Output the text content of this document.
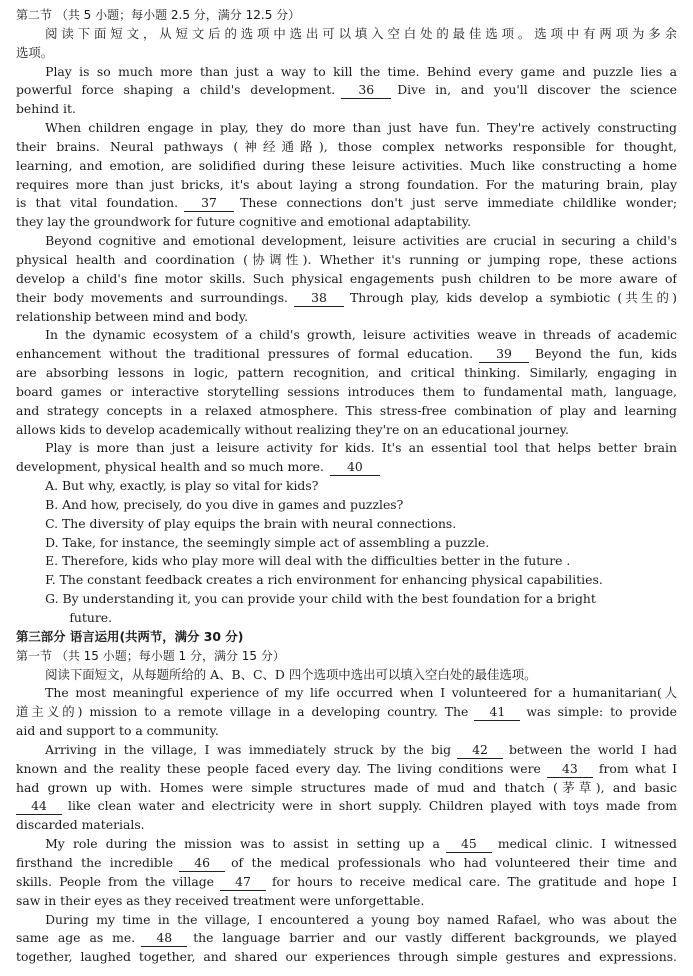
第二节 （共 5 小题；每小题 2.5 分，满分 12.5 分）
阅读下面短文，从短文后的选项中选出可以填入空白处的最佳选项。选项中有两项为多余
选项。
Play is so much more than just a way to kill the time. Behind every game and puzzle lies a
powerful force shaping a child's development. 36 Dive in, and you'll discover the science
behind it.
When children engage in play, they do more than just have fun. They're actively constructing
their brains. Neural pathways (神经通路), those complex networks responsible for thought,
learning, and emotion, are solidified during these leisure activities. Much like constructing a home
requires more than just bricks, it's about laying a strong foundation. For the maturing brain, play
is that vital foundation. 37 These connections don't just serve immediate childlike wonder;
they lay the groundwork for future cognitive and emotional adaptability.
Beyond cognitive and emotional development, leisure activities are crucial in securing a child's
physical health and coordination (协调性). Whether it's running or jumping rope, these actions
develop a child's fine motor skills. Such physical engagements push children to be more aware of
their body movements and surroundings. 38 Through play, kids develop a symbiotic (共生的)
relationship between mind and body.
In the dynamic ecosystem of a child's growth, leisure activities weave in threads of academic
enhancement without the traditional pressures of formal education. 39 Beyond the fun, kids
are absorbing lessons in logic, pattern recognition, and critical thinking. Similarly, engaging in
board games or interactive storytelling sessions introduces them to fundamental math, language,
and strategy concepts in a relaxed atmosphere. This stress-free combination of play and learning
allows kids to develop academically without realizing they're on an educational journey.
Play is more than just a leisure activity for kids. It's an essential tool that helps better brain
development, physical health and so much more. 40
A. But why, exactly, is play so vital for kids?
B. And how, precisely, do you dive in games and puzzles?
C. The diversity of play equips the brain with neural connections.
D. Take, for instance, the seemingly simple act of assembling a puzzle.
E. Therefore, kids who play more will deal with the difficulties better in the future .
F. The constant feedback creates a rich environment for enhancing physical capabilities.
G. By understanding it, you can provide your child with the best foundation for a bright
future.
第三部分 语言运用(共两节，满分 30 分)
第一节 （共 15 小题；每小题 1 分，满分 15 分）
阅读下面短文，从每题所给的 A、B、C、D 四个选项中选出可以填入空白处的最佳选项。
The most meaningful experience of my life occurred when I volunteered for a humanitarian(人
道主义的) mission to a remote village in a developing country. The 41 was simple: to provide
aid and support to a community.
Arriving in the village, I was immediately struck by the big 42 between the world I had
known and the reality these people faced every day. The living conditions were 43 from what I
had grown up with. Homes were simple structures made of mud and thatch (茅草), and basic
44 like clean water and electricity were in short supply. Children played with toys made from
discarded materials.
My role during the mission was to assist in setting up a 45 medical clinic. I witnessed
firsthand the incredible 46 of the medical professionals who had volunteered their time and
skills. People from the village 47 for hours to receive medical care. The gratitude and hope I
saw in their eyes as they received treatment were unforgettable.
During my time in the village, I encountered a young boy named Rafael, who was about the
same age as me. 48 the language barrier and our vastly different backgrounds, we played
together, laughed together, and shared our experiences through simple gestures and expressions.
